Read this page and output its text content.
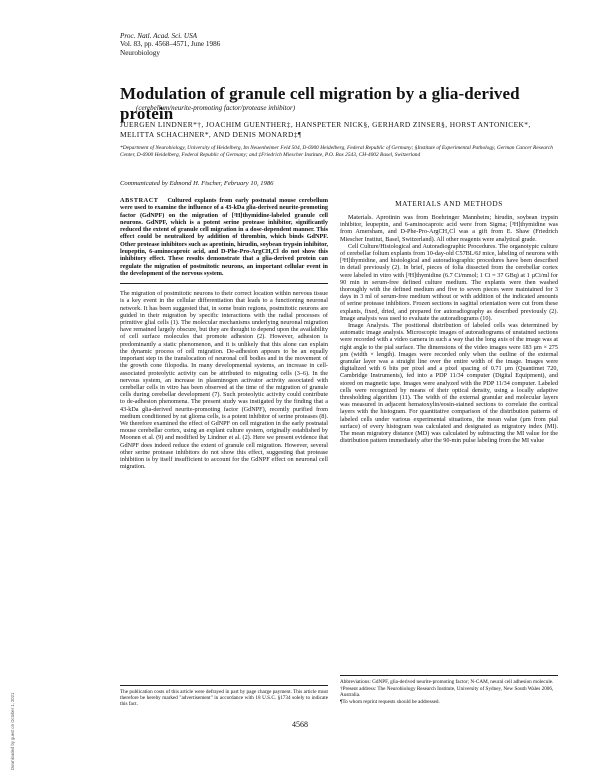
Proc. Natl. Acad. Sci. USA
Vol. 83, pp. 4568–4571, June 1986
Neurobiology
Modulation of granule cell migration by a glia-derived protein
(cerebellum/neurite-promoting factor/protease inhibitor)
JUERGEN LINDNER*†, JOACHIM GUENTHER‡, HANSPETER NICK§, GERHARD ZINSER§, HORST ANTONICEK*,
MELITTA SCHACHNER*, AND DENIS MONARD‡¶
*Department of Neurobiology, University of Heidelberg, Im Neuenheimer Feld 504, D-6900 Heidelberg, Federal Republic of Germany; §Institute of Experimental Pathology, German Cancer Research Center, D-6900 Heidelberg, Federal Republic of Germany; and ‡Friedrich Miescher Institute, P.O. Box 2543, CH-4002 Basel, Switzerland
Communicated by Edmond H. Fischer, February 10, 1986

ABSTRACT Cultured explants from early postnatal mouse cerebellum were used to examine the influence of a 43-kDa glia-derived neurite-promoting factor (GdNPF) on the migration of [³H]thymidine-labeled granule cell neurons. GdNPF, which is a potent serine protease inhibitor, significantly reduced the extent of granule cell migration in a dose-dependent manner. This effect could be neutralized by addition of thrombin, which binds GdNPF. Other protease inhibitors such as aprotinin, hirudin, soybean trypsin inhibitor, leupeptin, 6-aminocaproic acid, and D-Phe-Pro-ArgCH₂Cl do not show this inhibitory effect. These results demonstrate that a glia-derived protein can regulate the migration of postmitotic neurons, an important cellular event in the development of the nervous system.

The migration of postmitotic neurons to their correct location within nervous tissue is a key event in the cellular differentiation that leads to a functioning neuronal network. It has been suggested that, in some brain regions, postmitotic neurons are guided in their migration by specific interactions with the radial processes of primitive glial cells (1). The molecular mechanisms underlying neuronal migration have remained largely obscure, but they are thought to depend upon the availability of cell surface molecules that promote adhesion (2). However, adhesion is predominantly a static phenomenon, and it is unlikely that this alone can explain the dynamic process of cell migration. De-adhesion appears to be an equally important step in the translocation of neuronal cell bodies and in the movement of the growth cone filopodia. In many developmental systems, an increase in cell-associated proteolytic activity can be attributed to migrating cells (3–6). In the nervous system, an increase in plasminogen activator activity associated with cerebellar cells in vitro has been observed at the time of the migration of granule cells during cerebellar development (7). Such proteolytic activity could contribute to de-adhesion phenomena. The present study was instigated by the finding that a 43-kDa glia-derived neurite-promoting factor (GdNPF), recently purified from medium conditioned by rat glioma cells, is a potent inhibitor of serine proteases (8). We therefore examined the effect of GdNPF on cell migration in the early postnatal mouse cerebellar cortex, using an explant culture system, originally established by Moonen et al. (9) and modified by Lindner et al. (2). Here we present evidence that GdNPF does indeed reduce the extent of granule cell migration. However, several other serine protease inhibitors do not show this effect, suggesting that protease inhibition is by itself insufficient to account for the GdNPF effect on neuronal cell migration.

MATERIALS AND METHODS

Materials. Aprotinin was from Boehringer Mannheim; hirudin, soybean trypsin inhibitor, leupeptin, and 6-aminocaproic acid were from Sigma; [³H]thymidine was from Amersham, and D-Phe-Pro-ArgCH₂Cl was a gift from E. Shaw (Friedrich Miescher Institut, Basel, Switzerland). All other reagents were analytical grade.

Cell Culture/Histological and Autoradiographic Procedures. The organotypic culture of cerebellar folium explants from 10-day-old C57BL/6J mice, labeling of neurons with [³H]thymidine, and histological and autoradiographic procedures have been described in detail previously (2). In brief, pieces of folia dissected from the cerebellar cortex were labeled in vitro with [³H]thymidine (6.7 Ci/mmol; 1 Ci = 37 GBq) at 1 µCi/ml for 90 min in serum-free defined culture medium. The explants were then washed thoroughly with the defined medium and five to seven pieces were maintained for 3 days in 3 ml of serum-free medium without or with addition of the indicated amounts of serine protease inhibitors. Frozen sections in sagittal orientation were cut from these explants, fixed, dried, and prepared for autoradiography as described previously (2). Image analysis was used to evaluate the autoradiograms (10).

Image Analysis. The positional distribution of labeled cells was determined by automatic image analysis. Microscopic images of autoradiograms of unstained sections were recorded with a video camera in such a way that the long axis of the image was at right angle to the pial surface. The dimensions of the video images were 183 µm × 275 µm (width × length). Images were recorded only when the outline of the external granular layer was a straight line over the entire width of the image. Images were digitalized with 6 bits per pixel and a pixel spacing of 0.71 µm (Quantimet 720, Cambridge Instruments), fed into a PDP 11/34 computer (Digital Equipment), and stored on magnetic tape. Images were analyzed with the PDP 11/34 computer. Labeled cells were recognized by means of their optical density, using a locally adaptive thresholding algorithm (11). The width of the external granular and molecular layers was measured in adjacent hematoxylin/eosin-stained sections to correlate the cortical layers with the histogram. For quantitative comparison of the distribution patterns of labeled cells under various experimental situations, the mean value (µm from pial surface) of every histogram was calculated and designated as migratory index (MI). The mean migratory distance (MD) was calculated by subtracting the MI value for the distribution pattern immediately after the 90-min pulse labeling from the MI value

The publication costs of this article were defrayed in part by page charge payment. This article must therefore be hereby marked "advertisement" in accordance with 18 U.S.C. §1734 solely to indicate this fact.
Abbreviations: GdNPF, glia-derived neurite-promoting factor; N-CAM, neural cell adhesion molecule.
†Present address: The Neurobiology Research Institute, University of Sydney, New South Wales 2006, Australia.
¶To whom reprint requests should be addressed.
4568
Downloaded by guest on October 1, 2021
